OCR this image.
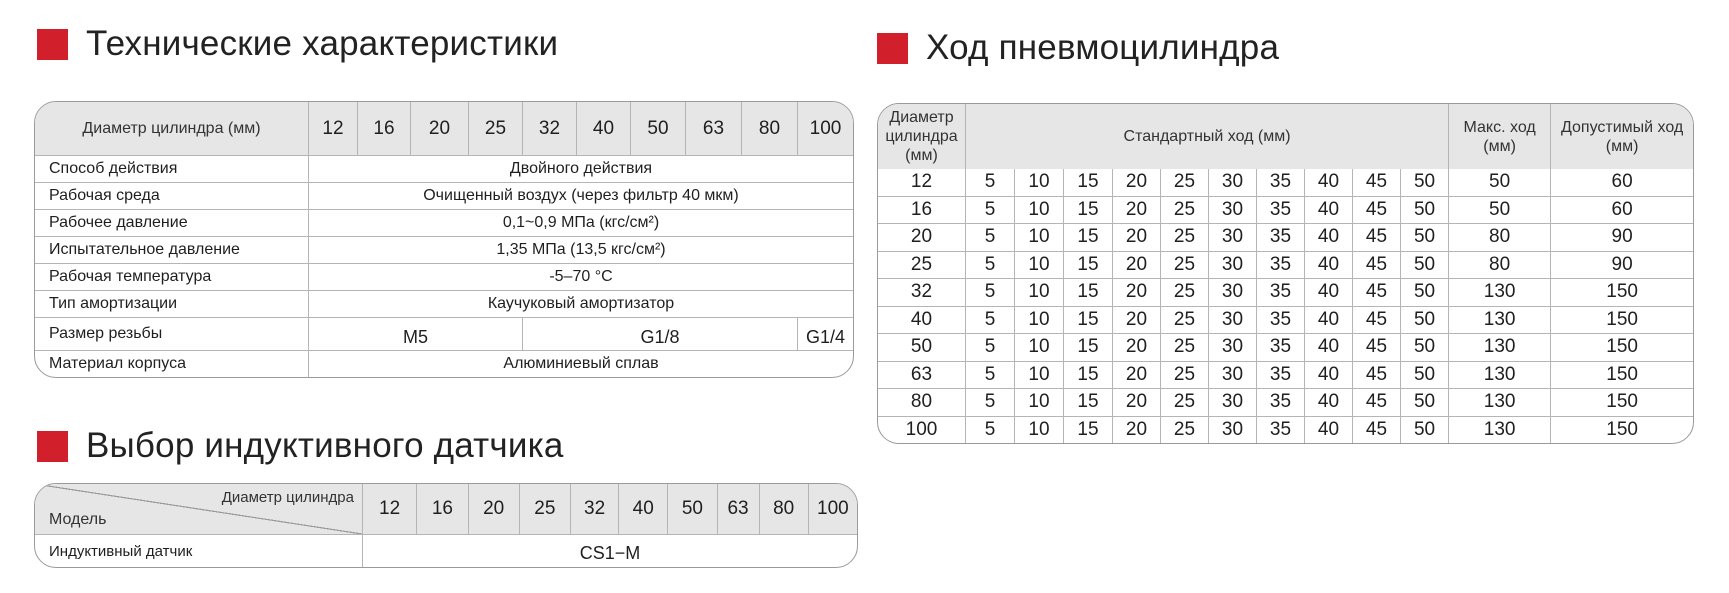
Технические характеристики	Ход пневмоцилиндра
Выбор индуктивного датчика
Диаметр цилиндра (мм)	12	16	20	25	32	40	50	63	80	100
Способ действия	Двойного действия									
Рабочая среда	Очищенный воздух (через фильтр 40 мкм)									
Рабочее давление	0,1~0,9 МПа (кгс/см²)									
Испытательное давление	1,35 МПа (13,5 кгс/см²)									
Рабочая температура	-5–70 °C									
Тип амортизации	Каучуковый амортизатор									
Размер резьбы	M5				G1/8					G1/4
Материал корпуса	Алюминиевый сплав									
Диаметр цилиндра
Модель	12	16	20	25	32	40	50	63	80	100
Индуктивный датчик	CS1−M									
Диаметр цилиндра (мм)	Стандартный ход (мм)										Макс. ход (мм)	Допустимый ход (мм)
12	5	10	15	20	25	30	35	40	45	50	50	60
16	5	10	15	20	25	30	35	40	45	50	50	60
20	5	10	15	20	25	30	35	40	45	50	80	90
25	5	10	15	20	25	30	35	40	45	50	80	90
32	5	10	15	20	25	30	35	40	45	50	130	150
40	5	10	15	20	25	30	35	40	45	50	130	150
50	5	10	15	20	25	30	35	40	45	50	130	150
63	5	10	15	20	25	30	35	40	45	50	130	150
80	5	10	15	20	25	30	35	40	45	50	130	150
100	5	10	15	20	25	30	35	40	45	50	130	150
